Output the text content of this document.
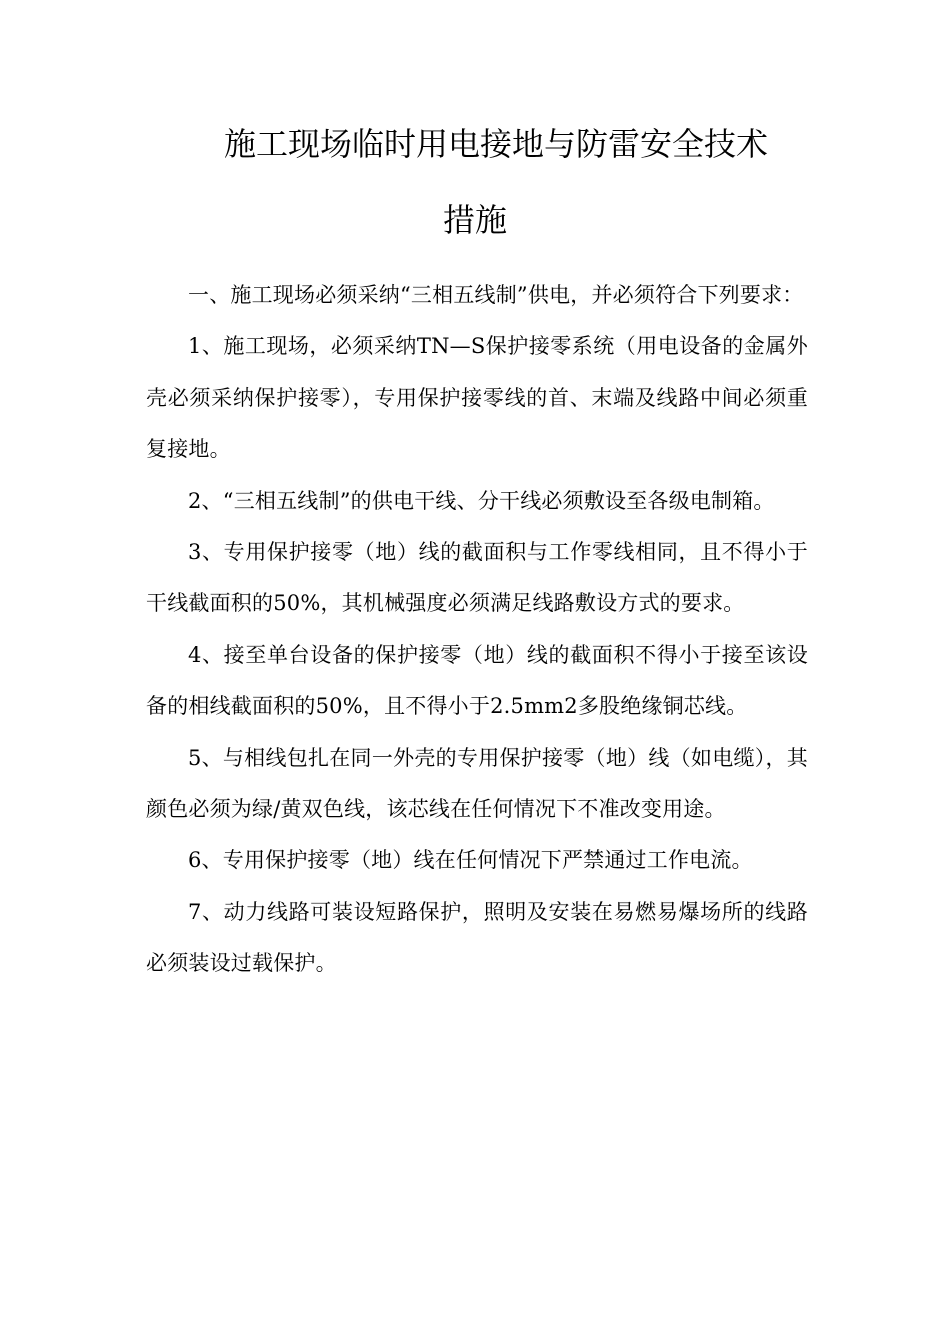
施工现场临时用电接地与防雷安全技术
措施

一、施工现场必须采纳“三相五线制”供电，并必须符合下列要求：

1、施工现场，必须采纳TN—S保护接零系统（用电设备的金属外壳必须采纳保护接零），专用保护接零线的首、末端及线路中间必须重复接地。

2、“三相五线制”的供电干线、分干线必须敷设至各级电制箱。

3、专用保护接零（地）线的截面积与工作零线相同，且不得小于干线截面积的50%，其机械强度必须满足线路敷设方式的要求。

4、接至单台设备的保护接零（地）线的截面积不得小于接至该设备的相线截面积的50%，且不得小于2.5mm2多股绝缘铜芯线。

5、与相线包扎在同一外壳的专用保护接零（地）线（如电缆），其颜色必须为绿/黄双色线，该芯线在任何情况下不准改变用途。

6、专用保护接零（地）线在任何情况下严禁通过工作电流。

7、动力线路可装设短路保护，照明及安装在易燃易爆场所的线路必须装设过载保护。
